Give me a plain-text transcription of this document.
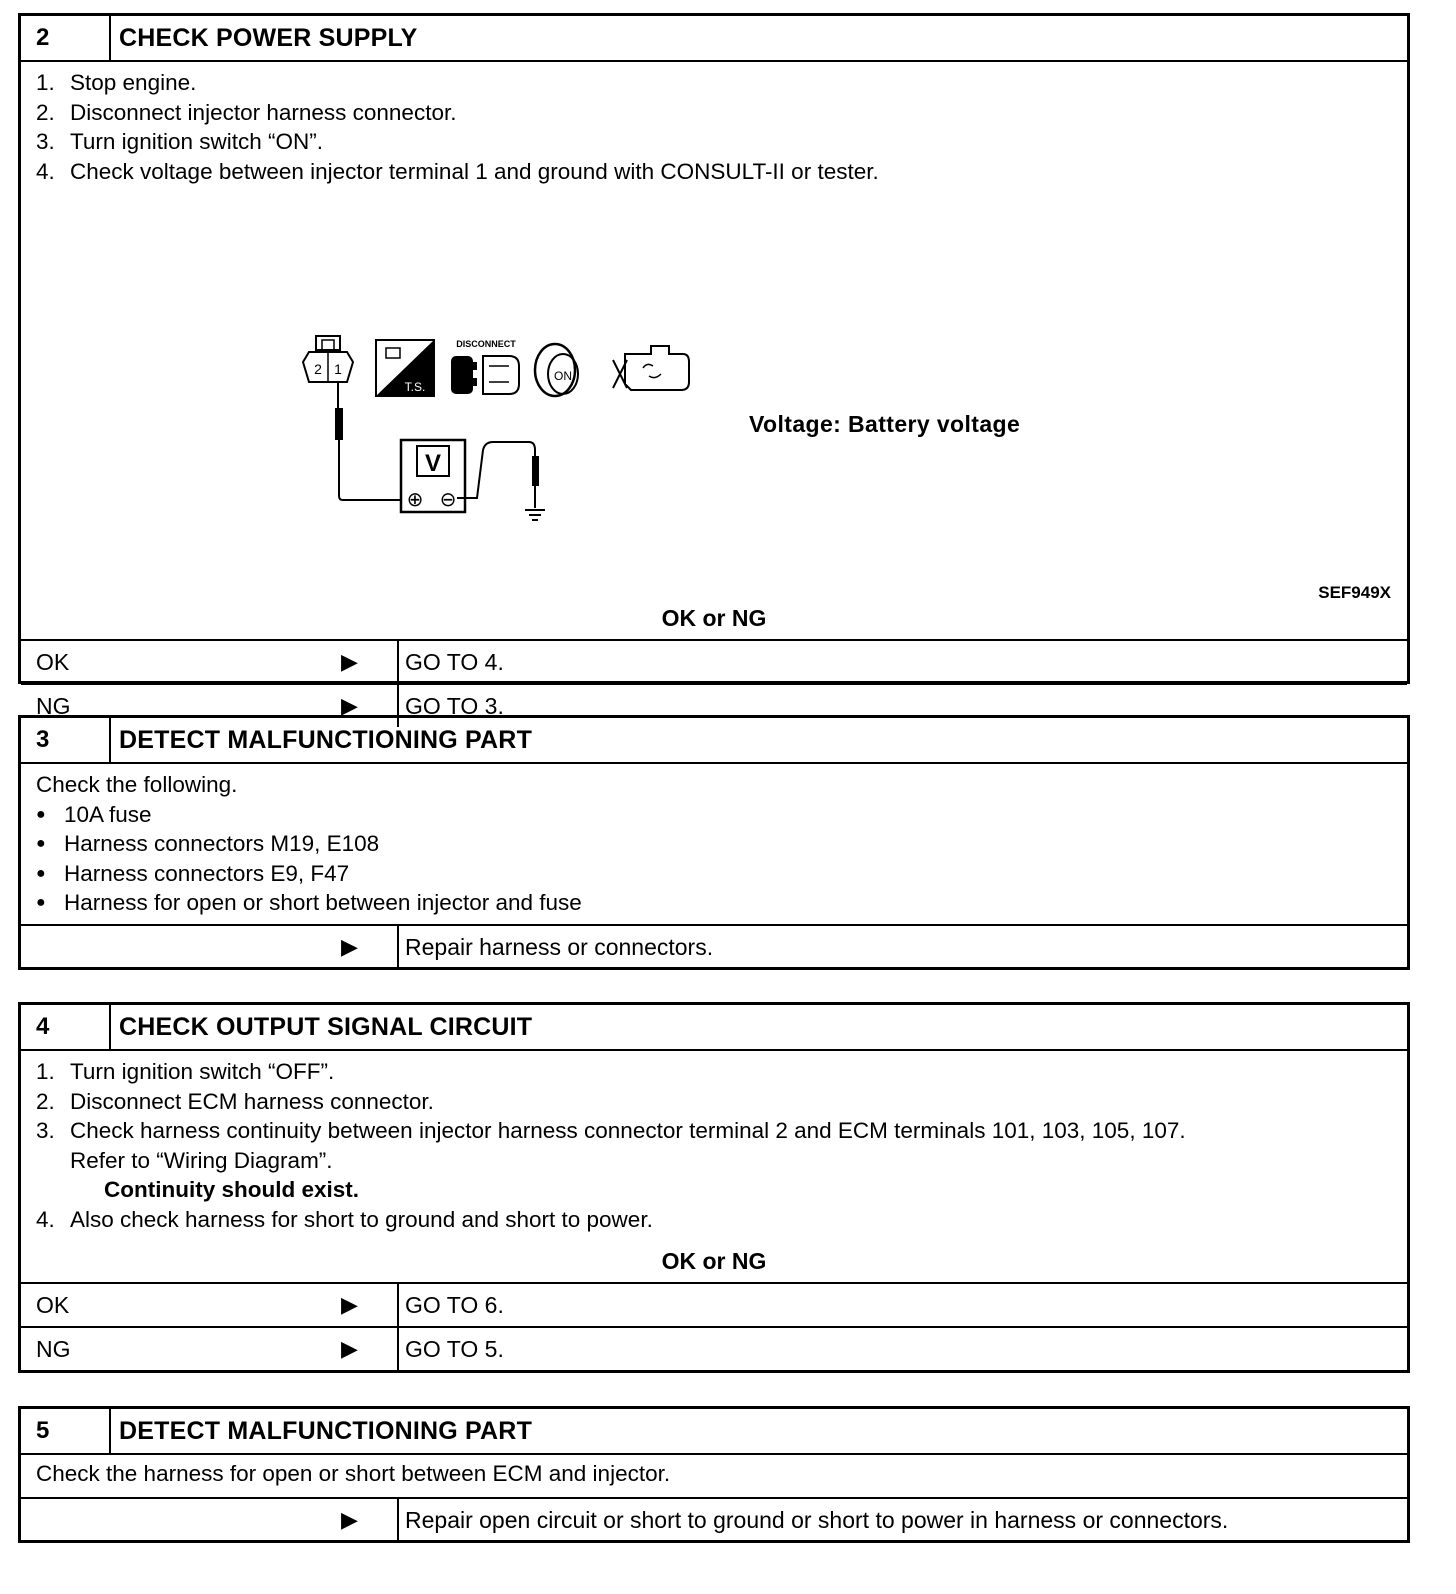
2	CHECK POWER SUPPLY
1. Stop engine.
2. Disconnect injector harness connector.
3. Turn ignition switch “ON”.
4. Check voltage between injector terminal 1 and ground with CONSULT-II or tester.
2 1
V
⊕ ⊖
T.S.
DISCONNECT
ON
Voltage: Battery voltage
SEF949X
OK or NG
OK	▶ GO TO 4.
NG	▶ GO TO 3.
3	DETECT MALFUNCTIONING PART
Check the following.
● 10A fuse
● Harness connectors M19, E108
● Harness connectors E9, F47
● Harness for open or short between injector and fuse
▶ Repair harness or connectors.
4	CHECK OUTPUT SIGNAL CIRCUIT
1. Turn ignition switch “OFF”.
2. Disconnect ECM harness connector.
3. Check harness continuity between injector harness connector terminal 2 and ECM terminals 101, 103, 105, 107.
Refer to “Wiring Diagram”.
Continuity should exist.
4. Also check harness for short to ground and short to power.
OK or NG
OK	▶ GO TO 6.
NG	▶ GO TO 5.
5	DETECT MALFUNCTIONING PART
Check the harness for open or short between ECM and injector.
▶ Repair open circuit or short to ground or short to power in harness or connectors.
